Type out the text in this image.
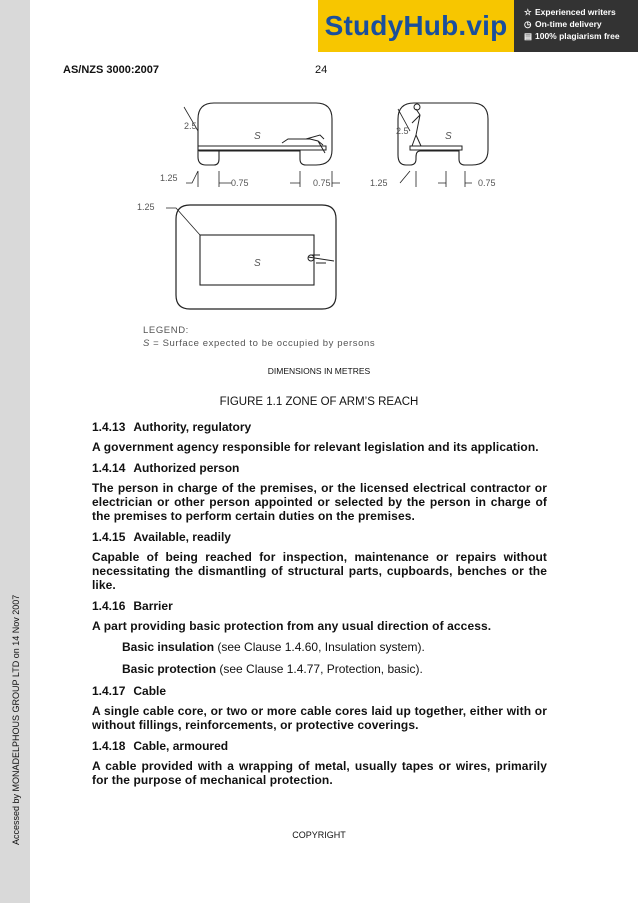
Accessed by MONADELPHOUS GROUP LTD on 14 Nov 2007
StudyHub.vip	☆ Experienced writers
◷ On-time delivery
▤ 100% plagiarism free
AS/NZS 3000:2007	24
2.5
S
1.25	0.75	0.75
2.5	S
1.25	0.75
1.25
S
LEGEND:
S = Surface expected to be occupied by persons
DIMENSIONS IN METRES
FIGURE 1.1 ZONE OF ARM’S REACH
1.4.13 Authority, regulatory
A government agency responsible for relevant legislation and its application.
1.4.14 Authorized person
The person in charge of the premises, or the licensed electrical contractor or electrician or other person appointed or selected by the person in charge of the premises to perform certain duties on the premises.
1.4.15 Available, readily
Capable of being reached for inspection, maintenance or repairs without necessitating the dismantling of structural parts, cupboards, benches or the like.
1.4.16 Barrier
A part providing basic protection from any usual direction of access.
Basic insulation (see Clause 1.4.60, Insulation system).
Basic protection (see Clause 1.4.77, Protection, basic).
1.4.17 Cable
A single cable core, or two or more cable cores laid up together, either with or without fillings, reinforcements, or protective coverings.
1.4.18 Cable, armoured
A cable provided with a wrapping of metal, usually tapes or wires, primarily for the purpose of mechanical protection.
COPYRIGHT
